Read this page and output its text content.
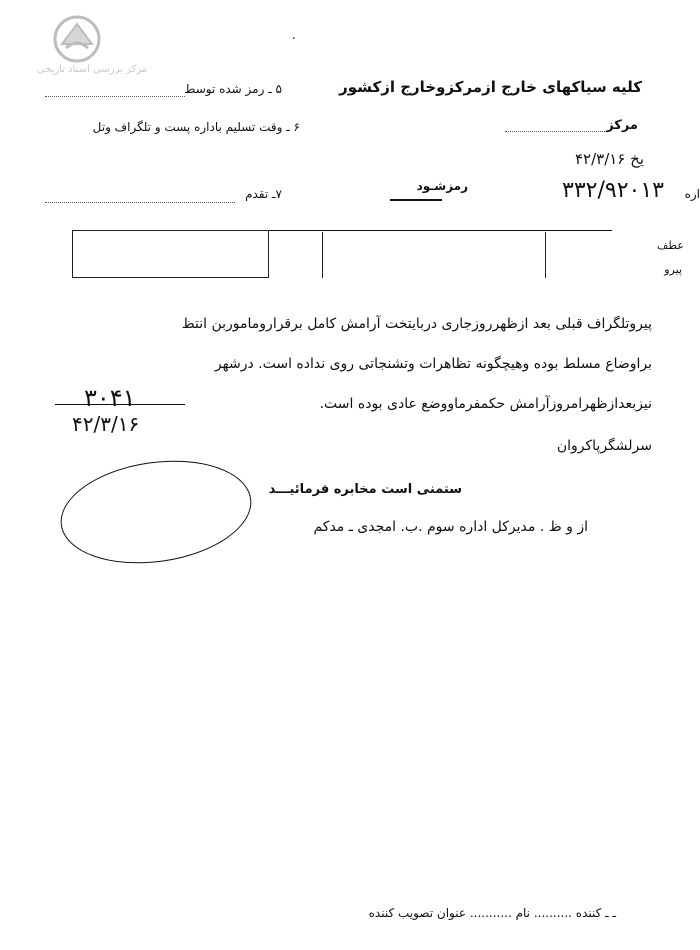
مرکز بررسی اسناد تاریخی
٠
۵ ـ رمز شده توسط
۶ ـ وقت تسلیم باداره پست و تلگراف وتل
۷ـ تقدم
کلیه سیاکهای خارج ازمرکزوخارج ازکشور
مرکز
یخ ۴۲/۳/۱۶
۳۳۲/۹۲۰۱۳ اره
رمزشـود
عطف
پیرو
پیروتلگراف قبلی بعد ازظهرروزجاری دربایتخت آرامش کامل برقراروماموربن انتظ
براوضاع مسلط بوده وهیچگونه تظاهرات وتشنجاتی روی نداده است. درشهر
نیزبعدازظهرامروزآرامش حکمفرماووضع عادی بوده است.
سرلشگرپاکروان
۳۰۴۱
۴۲/۳/۱۶
ستمنی است مخابره فرمائیـــد
از و ظ . مدیرکل اداره سوم .ب. امجدی ـ مدکم
ـ ـ کننده .......... نام ........... عنوان تصویب کننده
